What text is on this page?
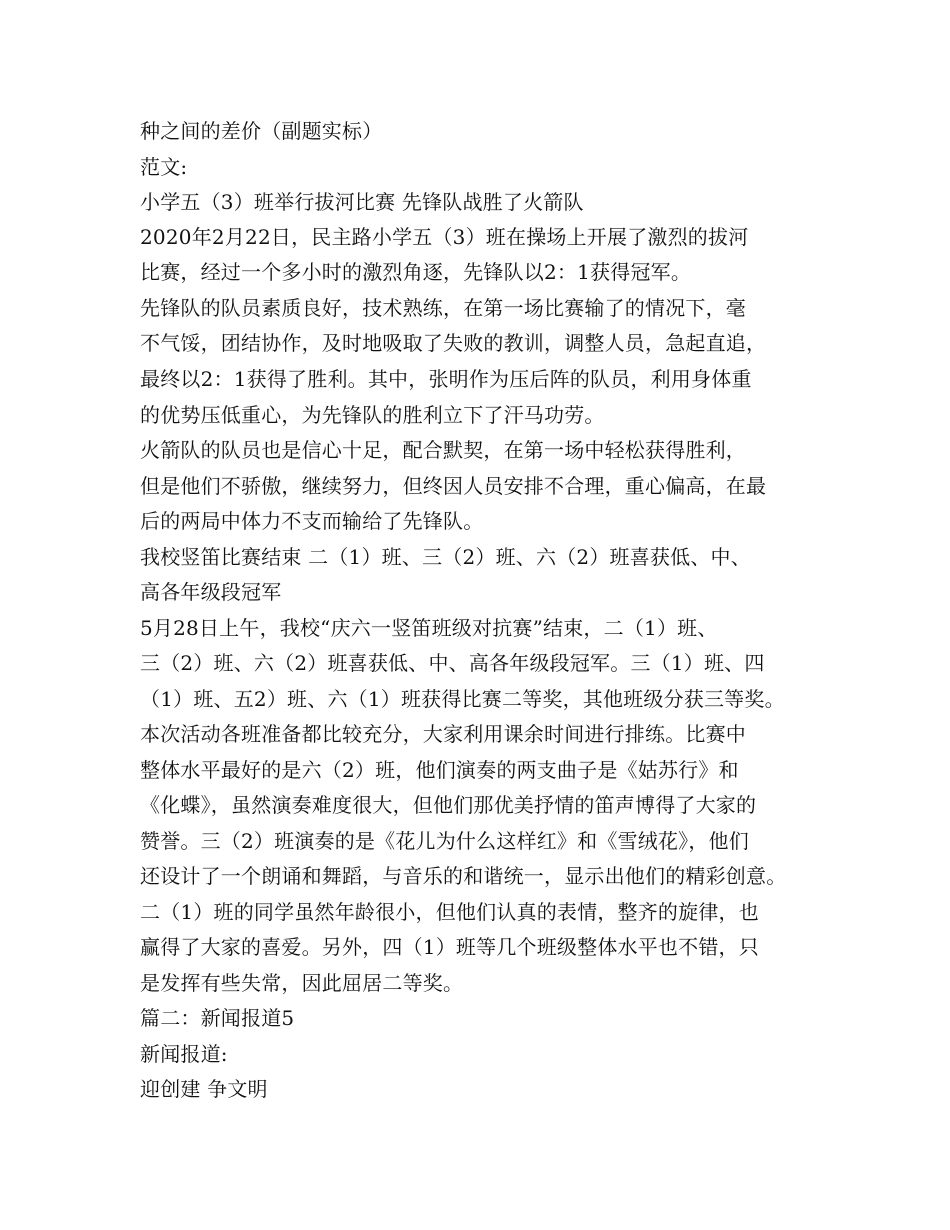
种之间的差价（副题实标）
范文:
小学五（3）班举行拔河比赛 先锋队战胜了火箭队
2020年2月22日，民主路小学五（3）班在操场上开展了激烈的拔河
比赛，经过一个多小时的激烈角逐，先锋队以2：1获得冠军。
先锋队的队员素质良好，技术熟练，在第一场比赛输了的情况下，毫
不气馁，团结协作，及时地吸取了失败的教训，调整人员，急起直追，
最终以2：1获得了胜利。其中，张明作为压后阵的队员，利用身体重
的优势压低重心，为先锋队的胜利立下了汗马功劳。
火箭队的队员也是信心十足，配合默契，在第一场中轻松获得胜利，
但是他们不骄傲，继续努力，但终因人员安排不合理，重心偏高，在最
后的两局中体力不支而输给了先锋队。
我校竖笛比赛结束 二（1）班、三（2）班、六（2）班喜获低、中、
高各年级段冠军
5月28日上午，我校“庆六一竖笛班级对抗赛”结束，二（1）班、
三（2）班、六（2）班喜获低、中、高各年级段冠军。三（1）班、四
（1）班、五2）班、六（1）班获得比赛二等奖，其他班级分获三等奖。
本次活动各班准备都比较充分，大家利用课余时间进行排练。比赛中
整体水平最好的是六（2）班，他们演奏的两支曲子是《姑苏行》和
《化蝶》，虽然演奏难度很大，但他们那优美抒情的笛声博得了大家的
赞誉。三（2）班演奏的是《花儿为什么这样红》和《雪绒花》，他们
还设计了一个朗诵和舞蹈，与音乐的和谐统一，显示出他们的精彩创意。
二（1）班的同学虽然年龄很小，但他们认真的表情，整齐的旋律，也
赢得了大家的喜爱。另外，四（1）班等几个班级整体水平也不错，只
是发挥有些失常，因此屈居二等奖。
篇二：新闻报道5
新闻报道:
迎创建 争文明
